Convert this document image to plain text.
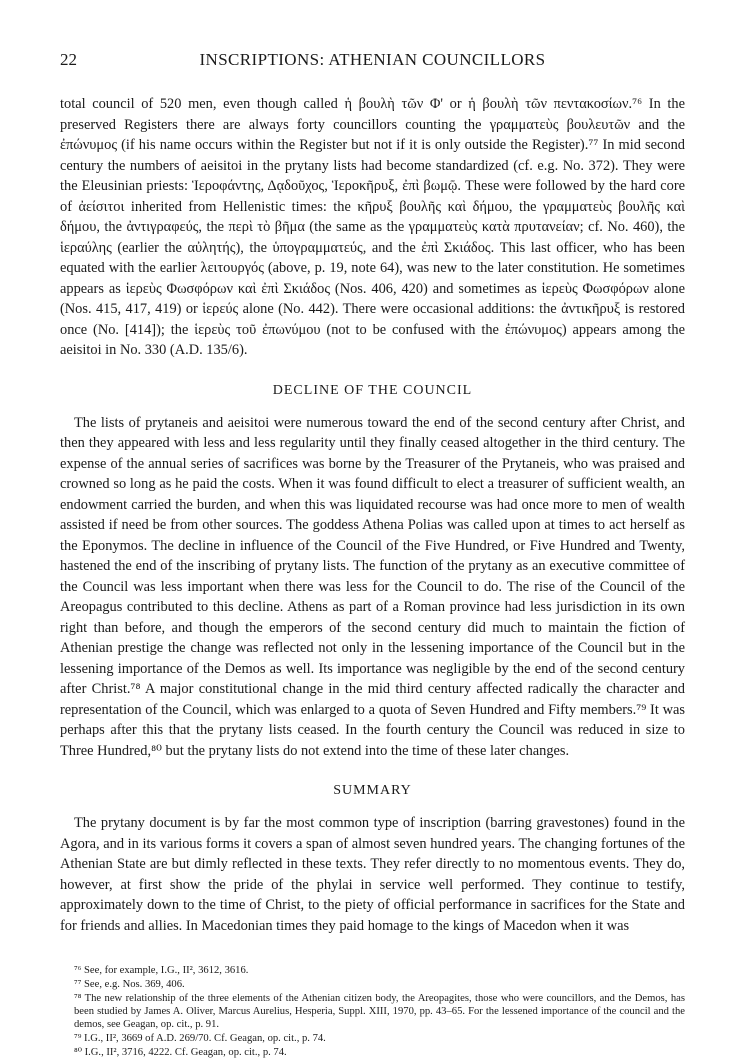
22	INSCRIPTIONS: ATHENIAN COUNCILLORS

total council of 520 men, even though called ἡ βουλὴ τῶν Φ' or ἡ βουλὴ τῶν πεντακοσίων.⁷⁶ In the preserved Registers there are always forty councillors counting the γραμματεὺς βουλευτῶν and the ἐπώνυμος (if his name occurs within the Register but not if it is only outside the Register).⁷⁷ In mid second century the numbers of aeisitoi in the prytany lists had become standardized (cf. e.g. No. 372). They were the Eleusinian priests: Ἱεροφάντης, Δᾳδοῦχος, Ἱεροκῆρυξ, ἐπὶ βωμῷ. These were followed by the hard core of ἀείσιτοι inherited from Hellenistic times: the κῆρυξ βουλῆς καὶ δήμου, the γραμματεὺς βουλῆς καὶ δήμου, the ἀντιγραφεύς, the περὶ τὸ βῆμα (the same as the γραμματεὺς κατὰ πρυτανείαν; cf. No. 460), the ἱεραύλης (earlier the αὐλητής), the ὑπογραμματεύς, and the ἐπὶ Σκιάδος. This last officer, who has been equated with the earlier λειτουργός (above, p. 19, note 64), was new to the later constitution. He sometimes appears as ἱερεὺς Φωσφόρων καὶ ἐπὶ Σκιάδος (Nos. 406, 420) and sometimes as ἱερεὺς Φωσφόρων alone (Nos. 415, 417, 419) or ἱερεύς alone (No. 442). There were occasional additions: the ἀντικῆρυξ is restored once (No. [414]); the ἱερεὺς τοῦ ἐπωνύμου (not to be confused with the ἐπώνυμος) appears among the aeisitoi in No. 330 (A.D. 135/6).

DECLINE OF THE COUNCIL

The lists of prytaneis and aeisitoi were numerous toward the end of the second century after Christ, and then they appeared with less and less regularity until they finally ceased altogether in the third century. The expense of the annual series of sacrifices was borne by the Treasurer of the Prytaneis, who was praised and crowned so long as he paid the costs. When it was found difficult to elect a treasurer of sufficient wealth, an endowment carried the burden, and when this was liquidated recourse was had once more to men of wealth assisted if need be from other sources. The goddess Athena Polias was called upon at times to act herself as the Eponymos. The decline in influence of the Council of the Five Hundred, or Five Hundred and Twenty, hastened the end of the inscribing of prytany lists. The function of the prytany as an executive committee of the Council was less important when there was less for the Council to do. The rise of the Council of the Areopagus contributed to this decline. Athens as part of a Roman province had less jurisdiction in its own right than before, and though the emperors of the second century did much to maintain the fiction of Athenian prestige the change was reflected not only in the lessening importance of the Council but in the lessening importance of the Demos as well. Its importance was negligible by the end of the second century after Christ.⁷⁸ A major constitutional change in the mid third century affected radically the character and representation of the Council, which was enlarged to a quota of Seven Hundred and Fifty members.⁷⁹ It was perhaps after this that the prytany lists ceased. In the fourth century the Council was reduced in size to Three Hundred,⁸⁰ but the prytany lists do not extend into the time of these later changes.

SUMMARY

The prytany document is by far the most common type of inscription (barring gravestones) found in the Agora, and in its various forms it covers a span of almost seven hundred years. The changing fortunes of the Athenian State are but dimly reflected in these texts. They refer directly to no momentous events. They do, however, at first show the pride of the phylai in service well performed. They continue to testify, approximately down to the time of Christ, to the piety of official performance in sacrifices for the State and for friends and allies. In Macedonian times they paid homage to the kings of Macedon when it was

⁷⁶ See, for example, I.G., II², 3612, 3616.

⁷⁷ See, e.g. Nos. 369, 406.

⁷⁸ The new relationship of the three elements of the Athenian citizen body, the Areopagites, those who were councillors, and the Demos, has been studied by James A. Oliver, Marcus Aurelius, Hesperia, Suppl. XIII, 1970, pp. 43–65. For the lessened importance of the council and the demos, see Geagan, op. cit., p. 91.

⁷⁹ I.G., II², 3669 of A.D. 269/70. Cf. Geagan, op. cit., p. 74.

⁸⁰ I.G., II², 3716, 4222. Cf. Geagan, op. cit., p. 74.
